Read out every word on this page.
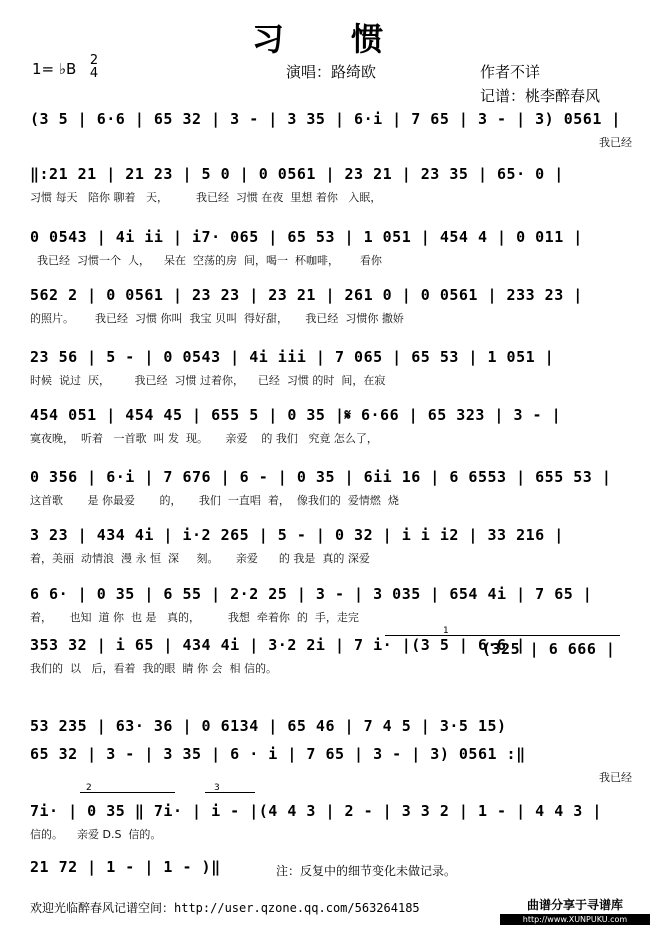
习 惯
1= ♭B 2
4	演唱：路绮欧	作者不详
记谱：桃李醉春风
(3 5 | 6·6 | 65 32 | 3 - | 3 35 | 6·i | 7 65 | 3 - | 3) 0561 |
我已经
‖:21 21 | 21 23 | 5 0 | 0 0561 | 23 21 | 23 35 | 65· 0 |
习惯 每天   陪你 聊着   天，        我已经  习惯 在夜  里想 着你   入眠，
0 0543 | 4i ii | i7· 065 | 65 53 | 1 051 | 454 4 | 0 011 |
我已经  习惯一个  人，    呆在  空荡的房  间，喝一  杯咖啡，      看你
562 2 | 0 0561 | 23 23 | 23 21 | 261 0 | 0 0561 | 233 23 |
的照片。      我已经  习惯 你叫  我宝 贝叫  得好甜，     我已经  习惯你 撒娇
23 56 | 5 - | 0 0543 | 4i iii | 7 065 | 65 53 | 1 051 |
时候  说过  厌，       我已经  习惯 过着你，    已经  习惯 的时  间，在寂
454 051 | 454 45 | 655 5 | 0 35 |𝄋 6·66 | 65 323 | 3 - |
寞夜晚，  听着   一首歌  叫 发  现。     亲爱    的 我们   究竟 怎么了，
0 356 | 6·i | 7 676 | 6 - | 0 35 | 6ii 16 | 6 6553 | 655 53 |
这首歌       是 你最爱       的，     我们  一直唱  着，  像我们的  爱情燃  烧
3 23 | 434 4i | i·2 265 | 5 - | 0 32 | i i i2 | 33 216 |
着，美丽  动情浪  漫 永 恒  深     刻。     亲爱      的 我是  真的 深爱
6 6· | 0 35 | 6 55 | 2·2 25 | 3 - | 3 035 | 654 4i | 7 65 |
着，     也知  道 你  也 是   真的，        我想  牵着你  的  手，走完
353 32 | i 65 | 434 4i | 3·2 2i | 7 i· |(3 5 | 6·6 |
我们的  以   后，看着  我的眼  睛 你 会  相 信的。
53 235 | 63· 36 | 0 6134 | 65 46 | 7 4 5 | 3·5 15)
65 32 | 3 - | 3 35 | 6 · i | 7 65 | 3 - | 3) 0561 :‖
我已经
7i· | 0 35 ‖ 7i· | i - |(4 4 3 | 2 - | 3 3 2 | 1 - | 4 4 3 |
信的。    亲爱 D.S  信的。
21 72 | 1 - | 1 - )‖
1
2	3
注：反复中的细节变化未做记录。
欢迎光临醉春风记谱空间：http://user.qzone.qq.com/563264185	曲谱分享于寻谱库
http://www.XUNPUKU.com
(325 | 6 666 |
